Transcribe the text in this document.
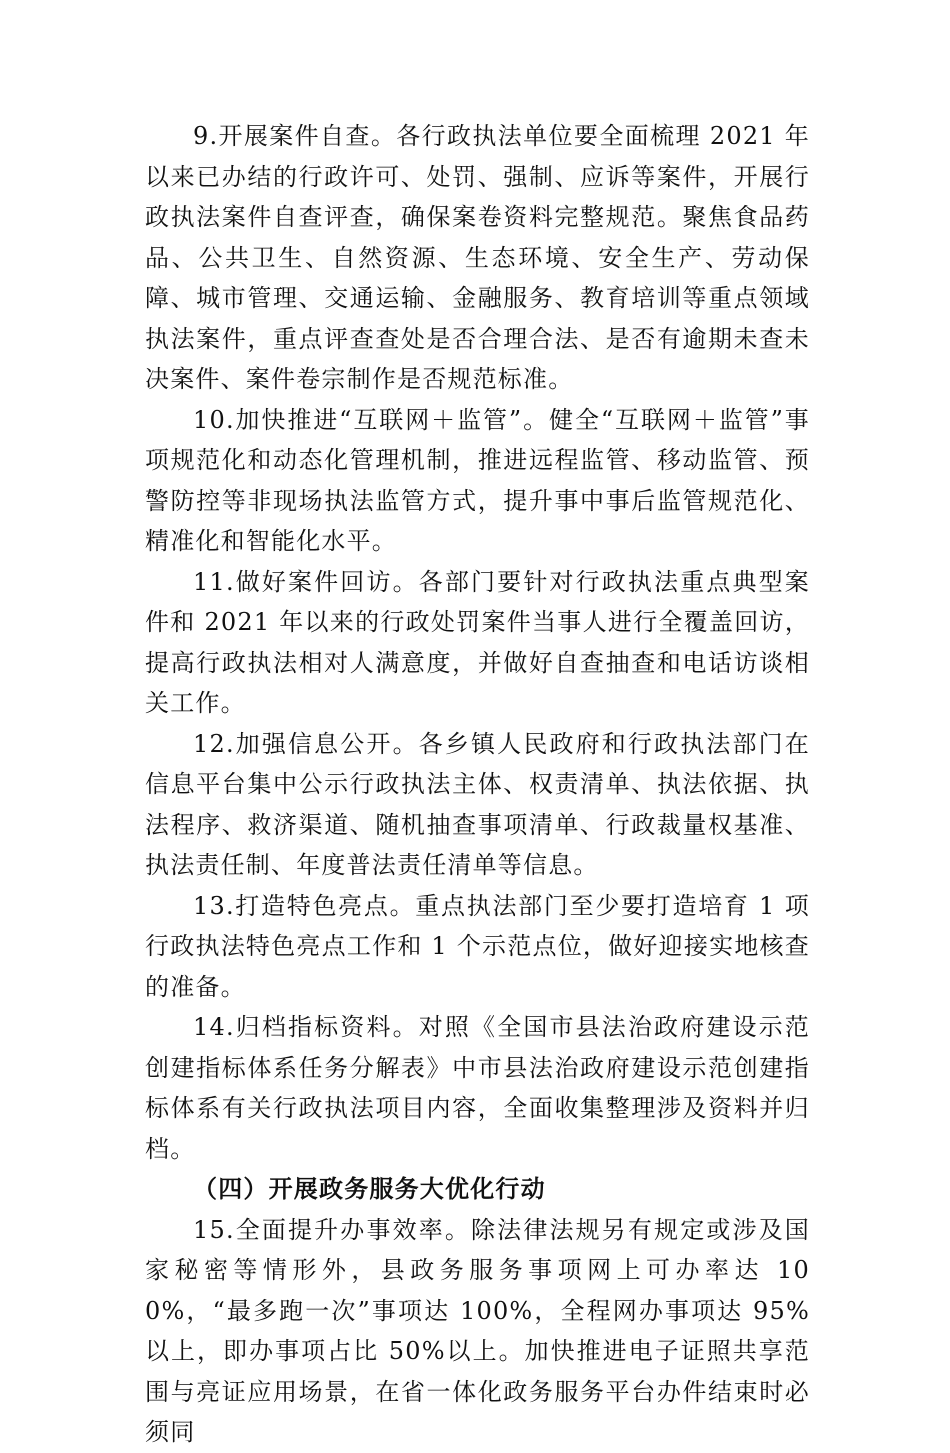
9.开展案件自查。各行政执法单位要全面梳理 2021 年以来已办结的行政许可、处罚、强制、应诉等案件，开展行政执法案件自查评查，确保案卷资料完整规范。聚焦食品药品、公共卫生、自然资源、生态环境、安全生产、劳动保障、城市管理、交通运输、金融服务、教育培训等重点领域执法案件，重点评查查处是否合理合法、是否有逾期未查未决案件、案件卷宗制作是否规范标准。

10.加快推进“互联网＋监管”。健全“互联网＋监管”事项规范化和动态化管理机制，推进远程监管、移动监管、预警防控等非现场执法监管方式，提升事中事后监管规范化、精准化和智能化水平。

11.做好案件回访。各部门要针对行政执法重点典型案件和 2021 年以来的行政处罚案件当事人进行全覆盖回访，提高行政执法相对人满意度，并做好自查抽查和电话访谈相关工作。

12.加强信息公开。各乡镇人民政府和行政执法部门在信息平台集中公示行政执法主体、权责清单、执法依据、执法程序、救济渠道、随机抽查事项清单、行政裁量权基准、执法责任制、年度普法责任清单等信息。

13.打造特色亮点。重点执法部门至少要打造培育 1 项行政执法特色亮点工作和 1 个示范点位，做好迎接实地核查的准备。

14.归档指标资料。对照《全国市县法治政府建设示范创建指标体系任务分解表》中市县法治政府建设示范创建指标体系有关行政执法项目内容，全面收集整理涉及资料并归档。

（四）开展政务服务大优化行动

15.全面提升办事效率。除法律法规另有规定或涉及国家秘密等情形外，县政务服务事项网上可办率达 100%，“最多跑一次”事项达 100%，全程网办事项达 95%以上，即办事项占比 50%以上。加快推进电子证照共享范围与亮证应用场景，在省一体化政务服务平台办件结束时必须同
